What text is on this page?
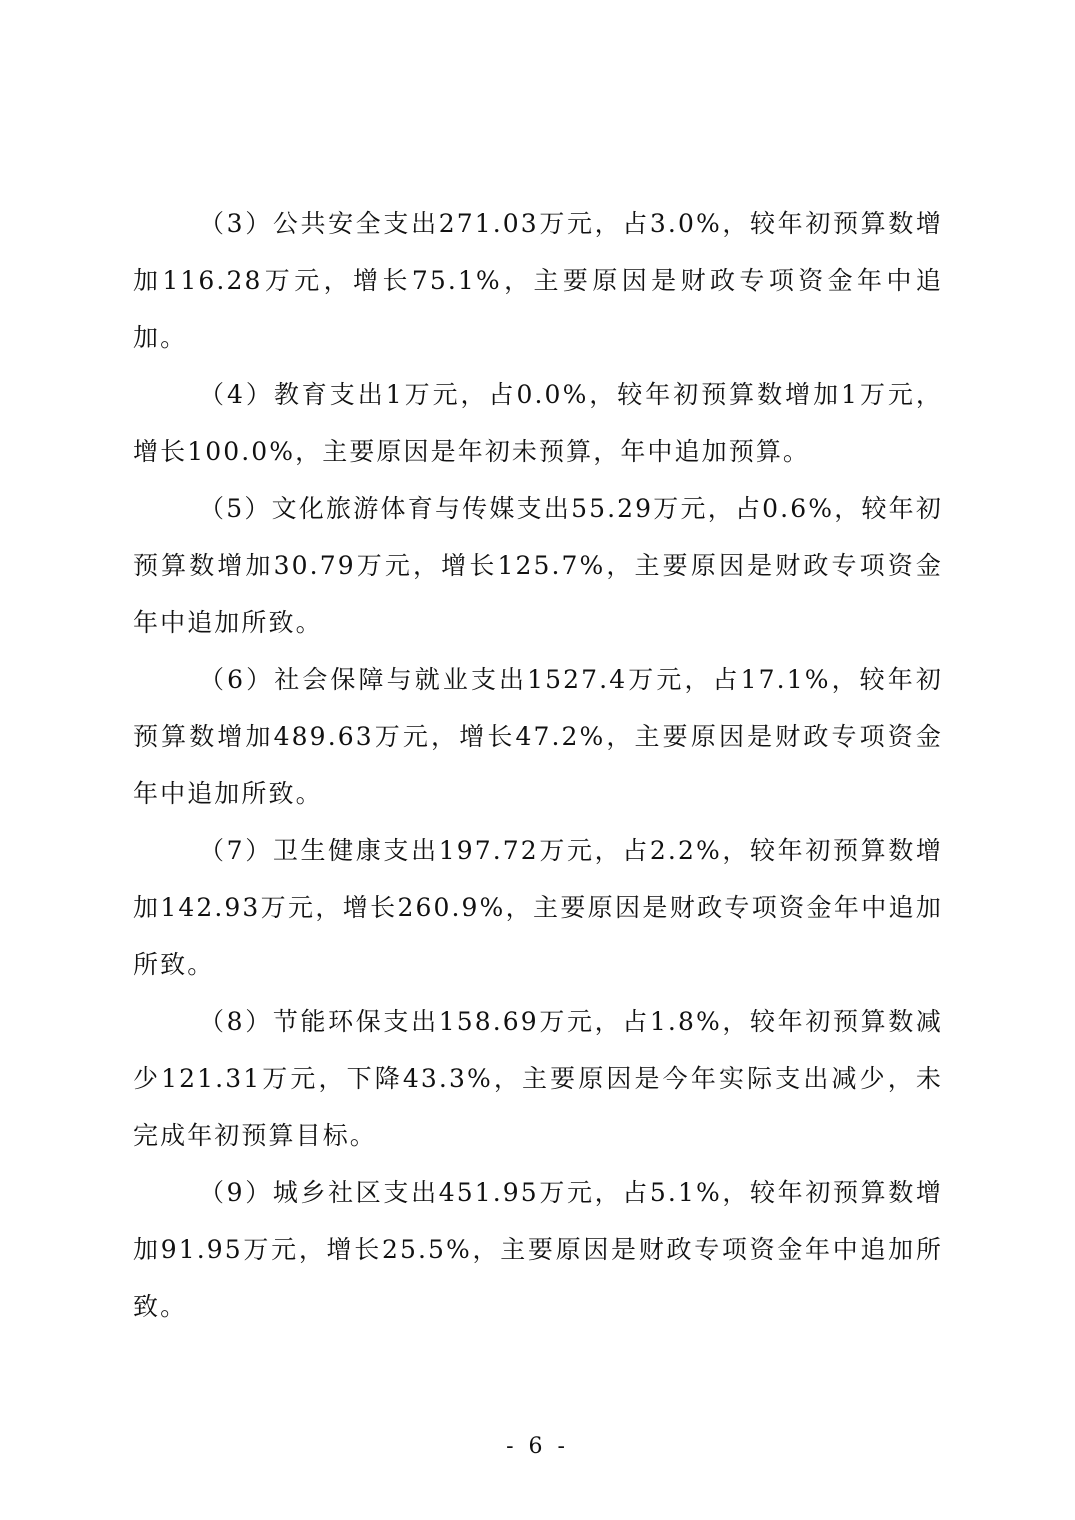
（3）公共安全支出271.03万元，占3.0%，较年初预算数增加116.28万元，增长75.1%，主要原因是财政专项资金年中追加。

（4）教育支出1万元，占0.0%，较年初预算数增加1万元，增长100.0%，主要原因是年初未预算，年中追加预算。

（5）文化旅游体育与传媒支出55.29万元，占0.6%，较年初预算数增加30.79万元，增长125.7%，主要原因是财政专项资金年中追加所致。

（6）社会保障与就业支出1527.4万元，占17.1%，较年初预算数增加489.63万元，增长47.2%，主要原因是财政专项资金年中追加所致。

（7）卫生健康支出197.72万元，占2.2%，较年初预算数增加142.93万元，增长260.9%，主要原因是财政专项资金年中追加所致。

（8）节能环保支出158.69万元，占1.8%，较年初预算数减少121.31万元，下降43.3%，主要原因是今年实际支出减少，未完成年初预算目标。

（9）城乡社区支出451.95万元，占5.1%，较年初预算数增加91.95万元，增长25.5%，主要原因是财政专项资金年中追加所致。

- 6 -
